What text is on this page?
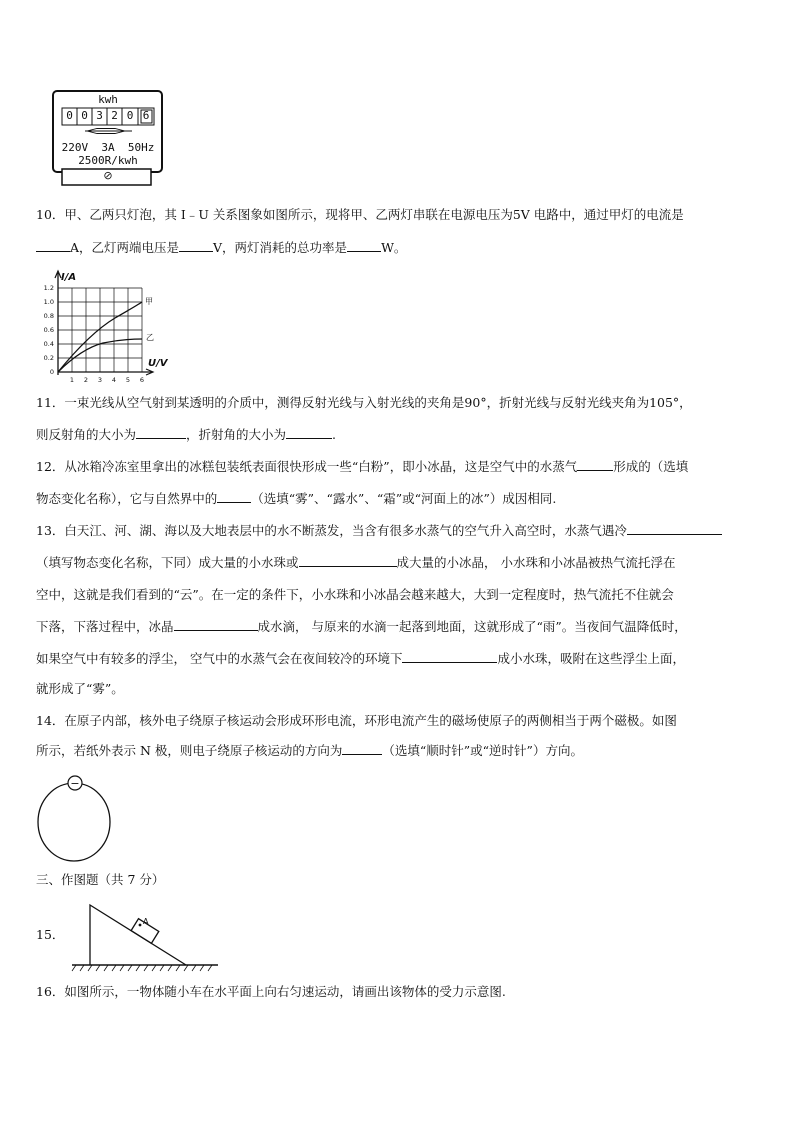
kwh
0 0 3 2 0 6
220V  3A  50Hz
2500R/kwh
⊘
10．甲、乙两只灯泡，其 I﹣U 关系图象如图所示，现将甲、乙两灯串联在电源电压为5V 电路中，通过甲灯的电流是
A，乙灯两端电压是	V，两灯消耗的总功率是	W。
0
0.2
0.4
0.6
0.8
1.0
1.2
1 2 3 4 5 6
I/A
U/V
甲
乙
11．一束光线从空气射到某透明的介质中，测得反射光线与入射光线的夹角是90°，折射光线与反射光线夹角为105°，
则反射角的大小为	，折射角的大小为	.
12．从冰箱冷冻室里拿出的冰糕包装纸表面很快形成一些“白粉”，即小冰晶，这是空气中的水蒸气	形成的（选填
物态变化名称），它与自然界中的	（选填“雾”、“露水”、“霜”或“河面上的冰”）成因相同.
13．白天江、河、湖、海以及大地表层中的水不断蒸发，当含有很多水蒸气的空气升入高空时，水蒸气遇冷
（填写物态变化名称，下同）成大量的小水珠或	成大量的小冰晶， 小水珠和小冰晶被热气流托浮在
空中，这就是我们看到的“云”。在一定的条件下，小水珠和小冰晶会越来越大，大到一定程度时，热气流托不住就会
下落，下落过程中，冰晶	成水滴， 与原来的水滴一起落到地面，这就形成了“雨”。当夜间气温降低时，
如果空气中有较多的浮尘， 空气中的水蒸气会在夜间较冷的环境下	成小水珠，吸附在这些浮尘上面，
就形成了“雾”。
14．在原子内部，核外电子绕原子核运动会形成环形电流，环形电流产生的磁场使原子的两侧相当于两个磁极。如图
所示，若纸外表示 N 极，则电子绕原子核运动的方向为	（选填“顺时针”或“逆时针”）方向。
−
三、作图题（共 7 分）
15．
A
16．如图所示，一物体随小车在水平面上向右匀速运动，请画出该物体的受力示意图.
